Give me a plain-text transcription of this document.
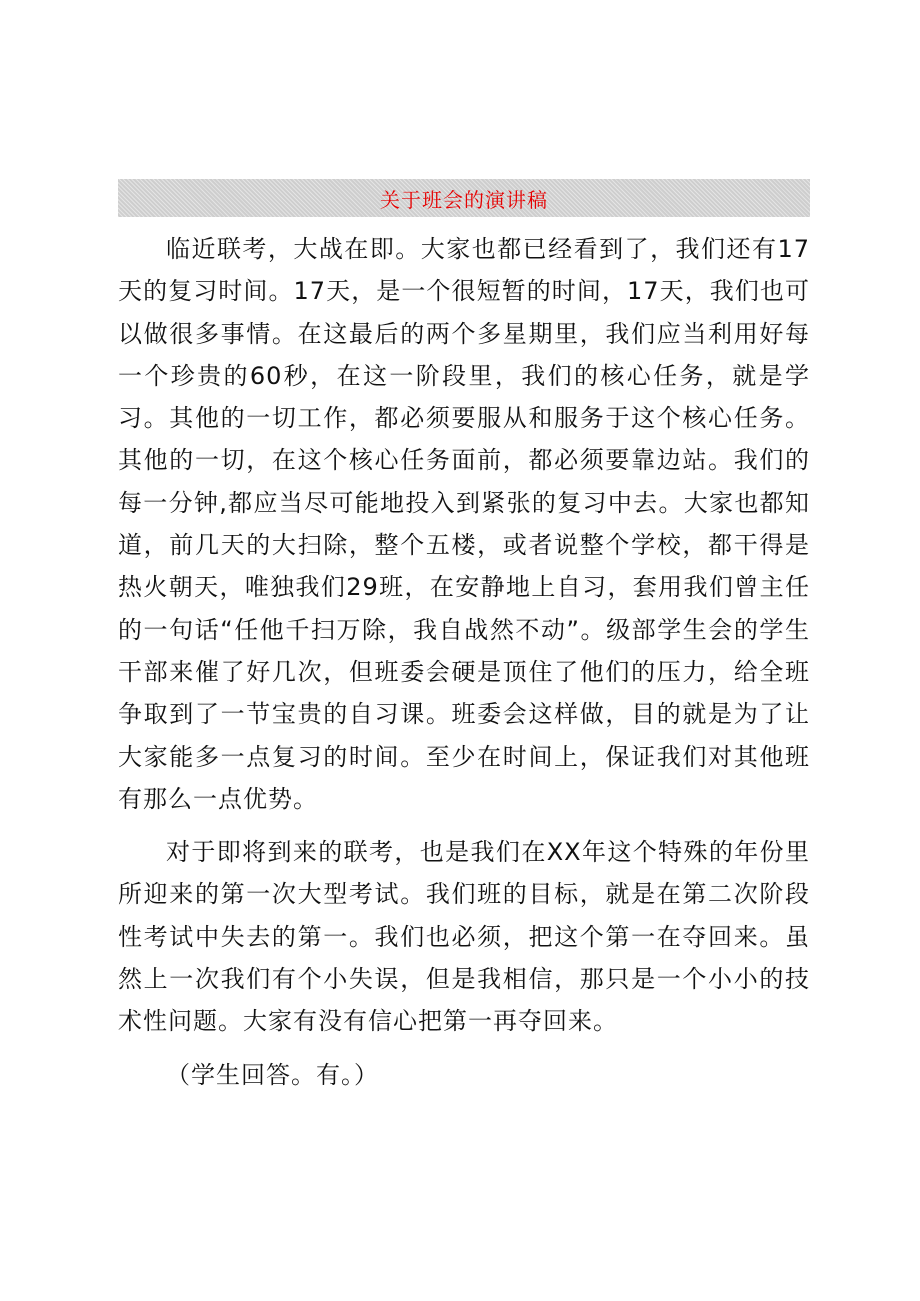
关于班会的演讲稿

临近联考，大战在即。大家也都已经看到了，我们还有17天的复习时间。17天，是一个很短暂的时间，17天，我们也可以做很多事情。在这最后的两个多星期里，我们应当利用好每一个珍贵的60秒，在这一阶段里，我们的核心任务，就是学习。其他的一切工作，都必须要服从和服务于这个核心任务。其他的一切，在这个核心任务面前，都必须要靠边站。我们的每一分钟,都应当尽可能地投入到紧张的复习中去。大家也都知道，前几天的大扫除，整个五楼，或者说整个学校，都干得是热火朝天，唯独我们29班，在安静地上自习，套用我们曾主任的一句话“任他千扫万除，我自战然不动”。级部学生会的学生干部来催了好几次，但班委会硬是顶住了他们的压力，给全班争取到了一节宝贵的自习课。班委会这样做，目的就是为了让大家能多一点复习的时间。至少在时间上，保证我们对其他班有那么一点优势。

对于即将到来的联考，也是我们在XX年这个特殊的年份里所迎来的第一次大型考试。我们班的目标，就是在第二次阶段性考试中失去的第一。我们也必须，把这个第一在夺回来。虽然上一次我们有个小失误，但是我相信，那只是一个小小的技术性问题。大家有没有信心把第一再夺回来。

（学生回答。有。）
